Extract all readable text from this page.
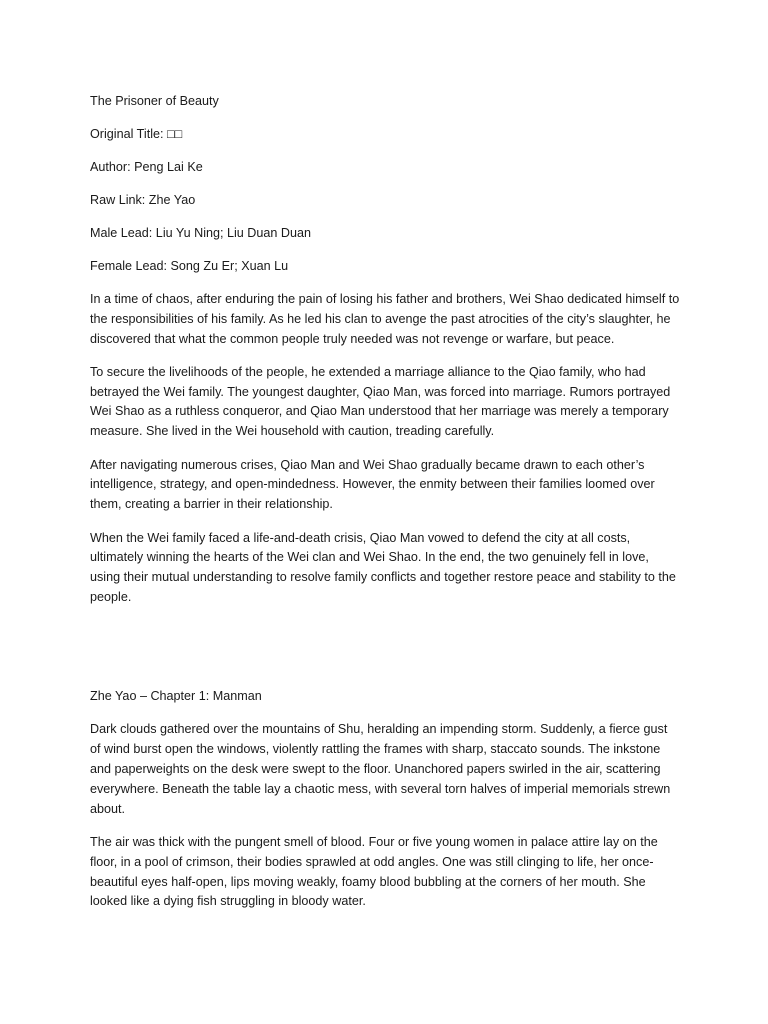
The Prisoner of Beauty

Original Title: □□

Author: Peng Lai Ke

Raw Link: Zhe Yao

Male Lead: Liu Yu Ning; Liu Duan Duan

Female Lead: Song Zu Er; Xuan Lu

In a time of chaos, after enduring the pain of losing his father and brothers, Wei Shao dedicated himself to the responsibilities of his family. As he led his clan to avenge the past atrocities of the city’s slaughter, he discovered that what the common people truly needed was not revenge or warfare, but peace.

To secure the livelihoods of the people, he extended a marriage alliance to the Qiao family, who had betrayed the Wei family. The youngest daughter, Qiao Man, was forced into marriage. Rumors portrayed Wei Shao as a ruthless conqueror, and Qiao Man understood that her marriage was merely a temporary measure. She lived in the Wei household with caution, treading carefully.

After navigating numerous crises, Qiao Man and Wei Shao gradually became drawn to each other’s intelligence, strategy, and open-mindedness. However, the enmity between their families loomed over them, creating a barrier in their relationship.

When the Wei family faced a life-and-death crisis, Qiao Man vowed to defend the city at all costs, ultimately winning the hearts of the Wei clan and Wei Shao. In the end, the two genuinely fell in love, using their mutual understanding to resolve family conflicts and together restore peace and stability to the people.

Zhe Yao – Chapter 1: Manman

Dark clouds gathered over the mountains of Shu, heralding an impending storm. Suddenly, a fierce gust of wind burst open the windows, violently rattling the frames with sharp, staccato sounds. The inkstone and paperweights on the desk were swept to the floor. Unanchored papers swirled in the air, scattering everywhere. Beneath the table lay a chaotic mess, with several torn halves of imperial memorials strewn about.

The air was thick with the pungent smell of blood. Four or five young women in palace attire lay on the floor, in a pool of crimson, their bodies sprawled at odd angles. One was still clinging to life, her once-beautiful eyes half-open, lips moving weakly, foamy blood bubbling at the corners of her mouth. She looked like a dying fish struggling in bloody water.
